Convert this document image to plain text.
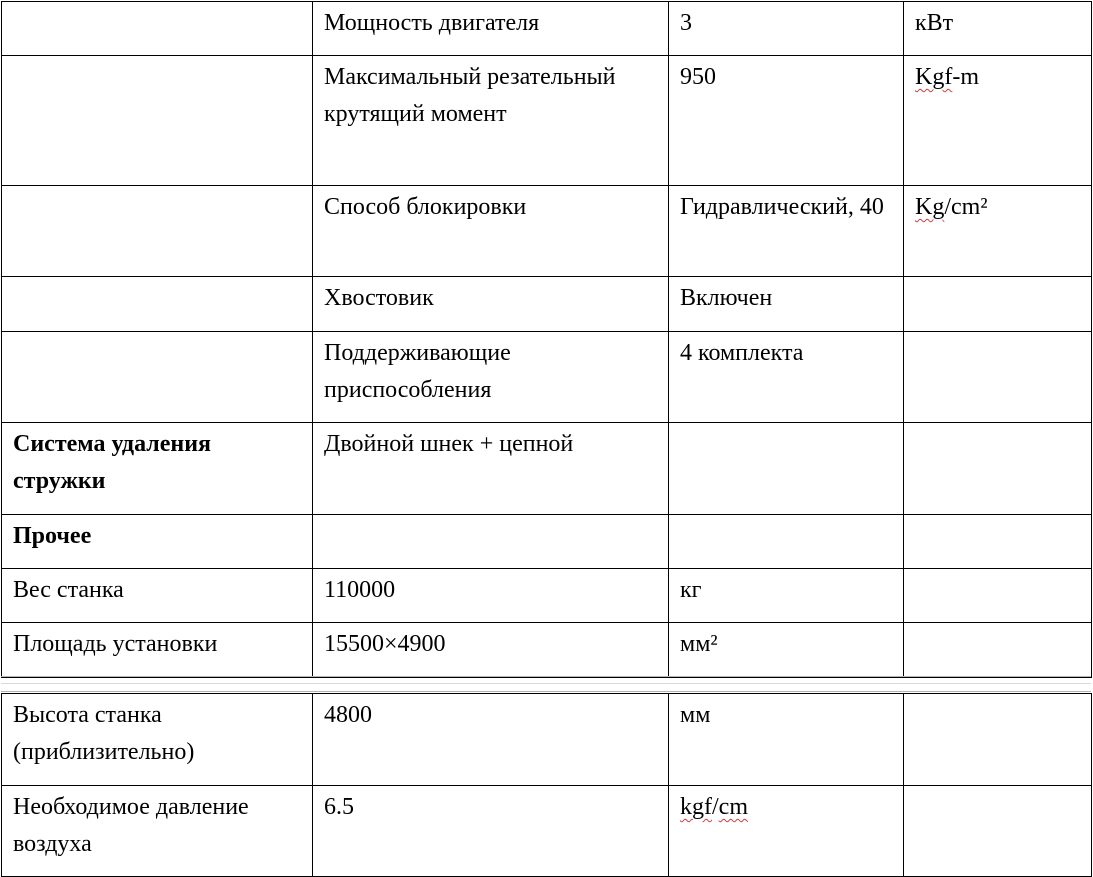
	Мощность двигателя	3	кВт
	Максимальный резательный крутящий момент	950	Kgf-m
	Способ блокировки	Гидравлический, 40	Kg/cm²
	Хвостовик	Включен	
	Поддерживающие приспособления	4 комплекта	
Система удаления стружки	Двойной шнек + цепной		
Прочее			
Вес станка	110000	кг	
Площадь установки	15500×4900	мм²	
Высота станка (приблизительно)	4800	мм	
Необходимое давление воздуха	6.5	kgf/cm	
